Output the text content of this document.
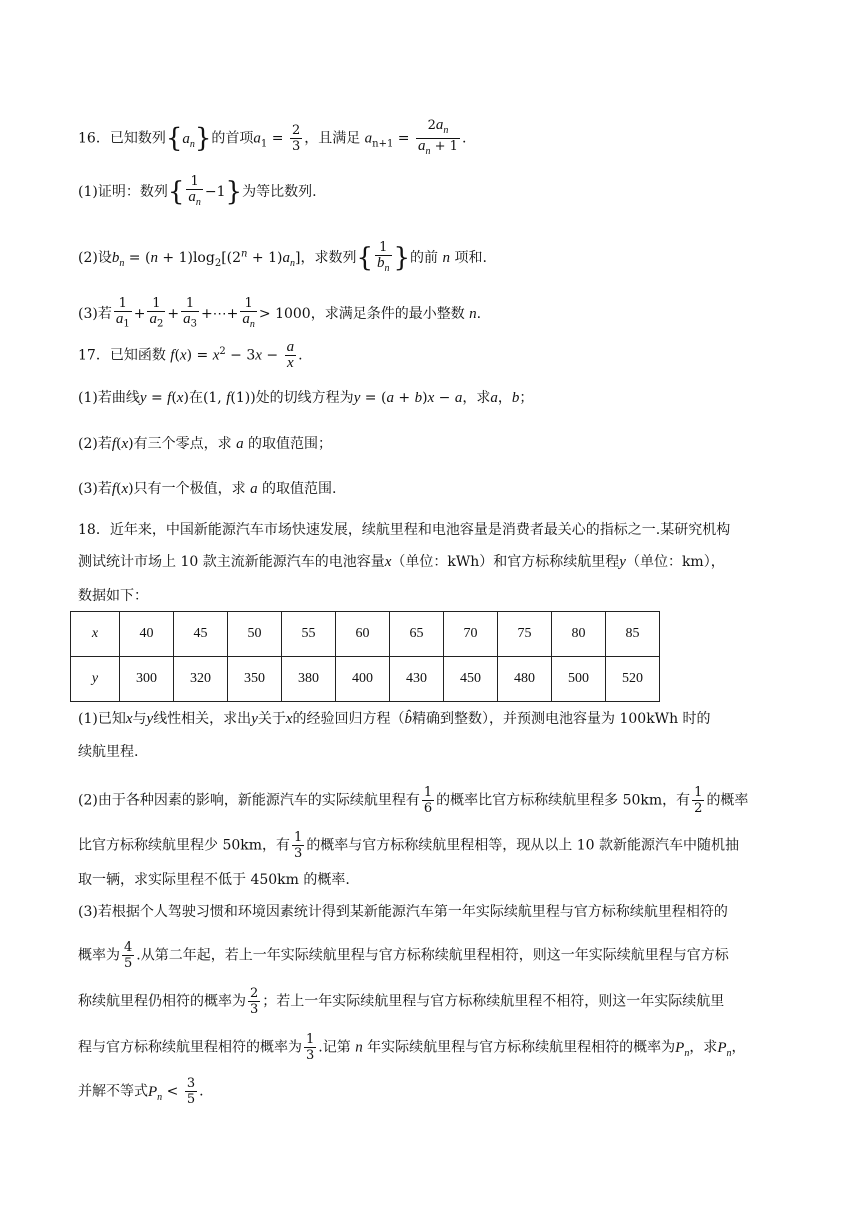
16．已知数列$\{a_n\}$的首项$a_1 = \frac{2}{3}$ ，且满足 $a_{n+1} = \frac{2a_n}{a_n + 1}$ .
(1)证明：数列{ $\frac{1}{a_n} -1$}为等比数列.
(2)设$b_n = (n + 1)\log_2[(2^n + 1)a_n]$，求数列{ $\frac{1}{b_n}$ }的前 n 项和.
(3)若 $\frac{1}{a_1} + \frac{1}{a_2} + \frac{1}{a_3}$ +⋯+ $\frac{1}{a_n} > 1000$，求满足条件的最小整数 n.
17．已知函数 $f(x) = x^2 - 3x - \frac{a}{x}$ .
(1)若曲线y = f(x)在(1, f(1))处的切线方程为y = (a + b)x − a，求a，b；
(2)若f(x)有三个零点，求 a 的取值范围；
(3)若f(x)只有一个极值，求 a 的取值范围.
18．近年来，中国新能源汽车市场快速发展，续航里程和电池容量是消费者最关心的指标之一.某研究机构
测试统计市场上 10 款主流新能源汽车的电池容量x（单位：kWh）和官方标称续航里程y（单位：km），
数据如下：
x	40	45	50	55	60	65	70	75	80	85
y	300	320	350	380	400	430	450	480	500	520
(1)已知x与y线性相关，求出y关于x的经验回归方程（b̂精确到整数），并预测电池容量为 100kWh 时的
续航里程.
(2)由于各种因素的影响，新能源汽车的实际续航里程有 $\frac{1}{6}$ 的概率比官方标称续航里程多 50km，有 $\frac{1}{2}$ 的概率
比官方标称续航里程少 50km，有 $\frac{1}{3}$ 的概率与官方标称续航里程相等，现从以上 10 款新能源汽车中随机抽
取一辆，求实际里程不低于 450km 的概率.
(3)若根据个人驾驶习惯和环境因素统计得到某新能源汽车第一年实际续航里程与官方标称续航里程相符的
概率为 $\frac{4}{5}$ .从第二年起，若上一年实际续航里程与官方标称续航里程相符，则这一年实际续航里程与官方标
称续航里程仍相符的概率为 $\frac{2}{3}$ ；若上一年实际续航里程与官方标称续航里程不相符，则这一年实际续航里
程与官方标称续航里程相符的概率为 $\frac{1}{3}$ .记第 n 年实际续航里程与官方标称续航里程相符的概率为$P_n$，求$P_n$，
并解不等式$P_n < \frac{3}{5}$ .
